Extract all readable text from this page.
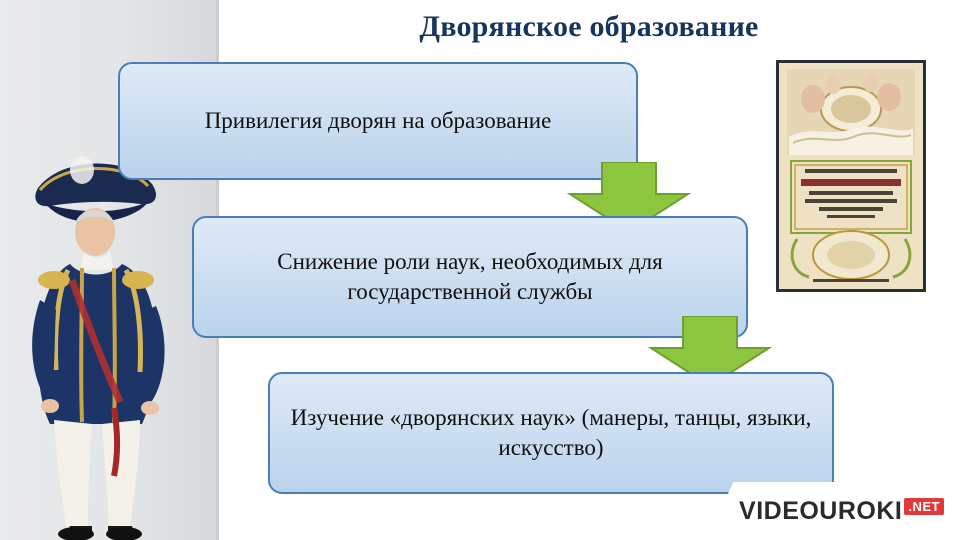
Дворянское образование
Привилегия дворян на образование
Снижение роли наук, необходимых для государственной службы
Изучение «дворянских наук» (манеры, танцы, языки, искусство)
VIDEOUROKI $^{.NET}$
